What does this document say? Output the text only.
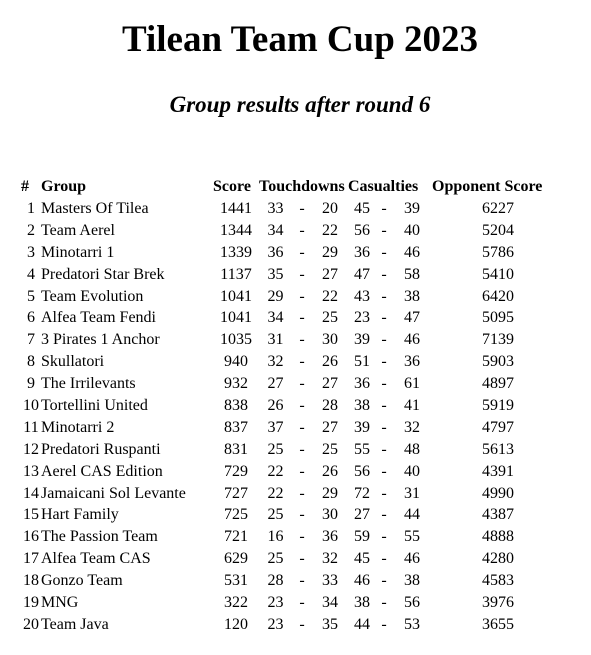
Tilean Team Cup 2023
Group results after round 6
#	Group	Score	Touchdowns			Casualties			Opponent Score
1	Masters Of Tilea	1441	33	-	20	45	-	39	6227
2	Team Aerel	1344	34	-	22	56	-	40	5204
3	Minotarri 1	1339	36	-	29	36	-	46	5786
4	Predatori Star Brek	1137	35	-	27	47	-	58	5410
5	Team Evolution	1041	29	-	22	43	-	38	6420
6	Alfea Team Fendi	1041	34	-	25	23	-	47	5095
7	3 Pirates 1 Anchor	1035	31	-	30	39	-	46	7139
8	Skullatori	940	32	-	26	51	-	36	5903
9	The Irrilevants	932	27	-	27	36	-	61	4897
10	Tortellini United	838	26	-	28	38	-	41	5919
11	Minotarri 2	837	37	-	27	39	-	32	4797
12	Predatori Ruspanti	831	25	-	25	55	-	48	5613
13	Aerel CAS Edition	729	22	-	26	56	-	40	4391
14	Jamaicani Sol Levante	727	22	-	29	72	-	31	4990
15	Hart Family	725	25	-	30	27	-	44	4387
16	The Passion Team	721	16	-	36	59	-	55	4888
17	Alfea Team CAS	629	25	-	32	45	-	46	4280
18	Gonzo Team	531	28	-	33	46	-	38	4583
19	MNG	322	23	-	34	38	-	56	3976
20	Team Java	120	23	-	35	44	-	53	3655
